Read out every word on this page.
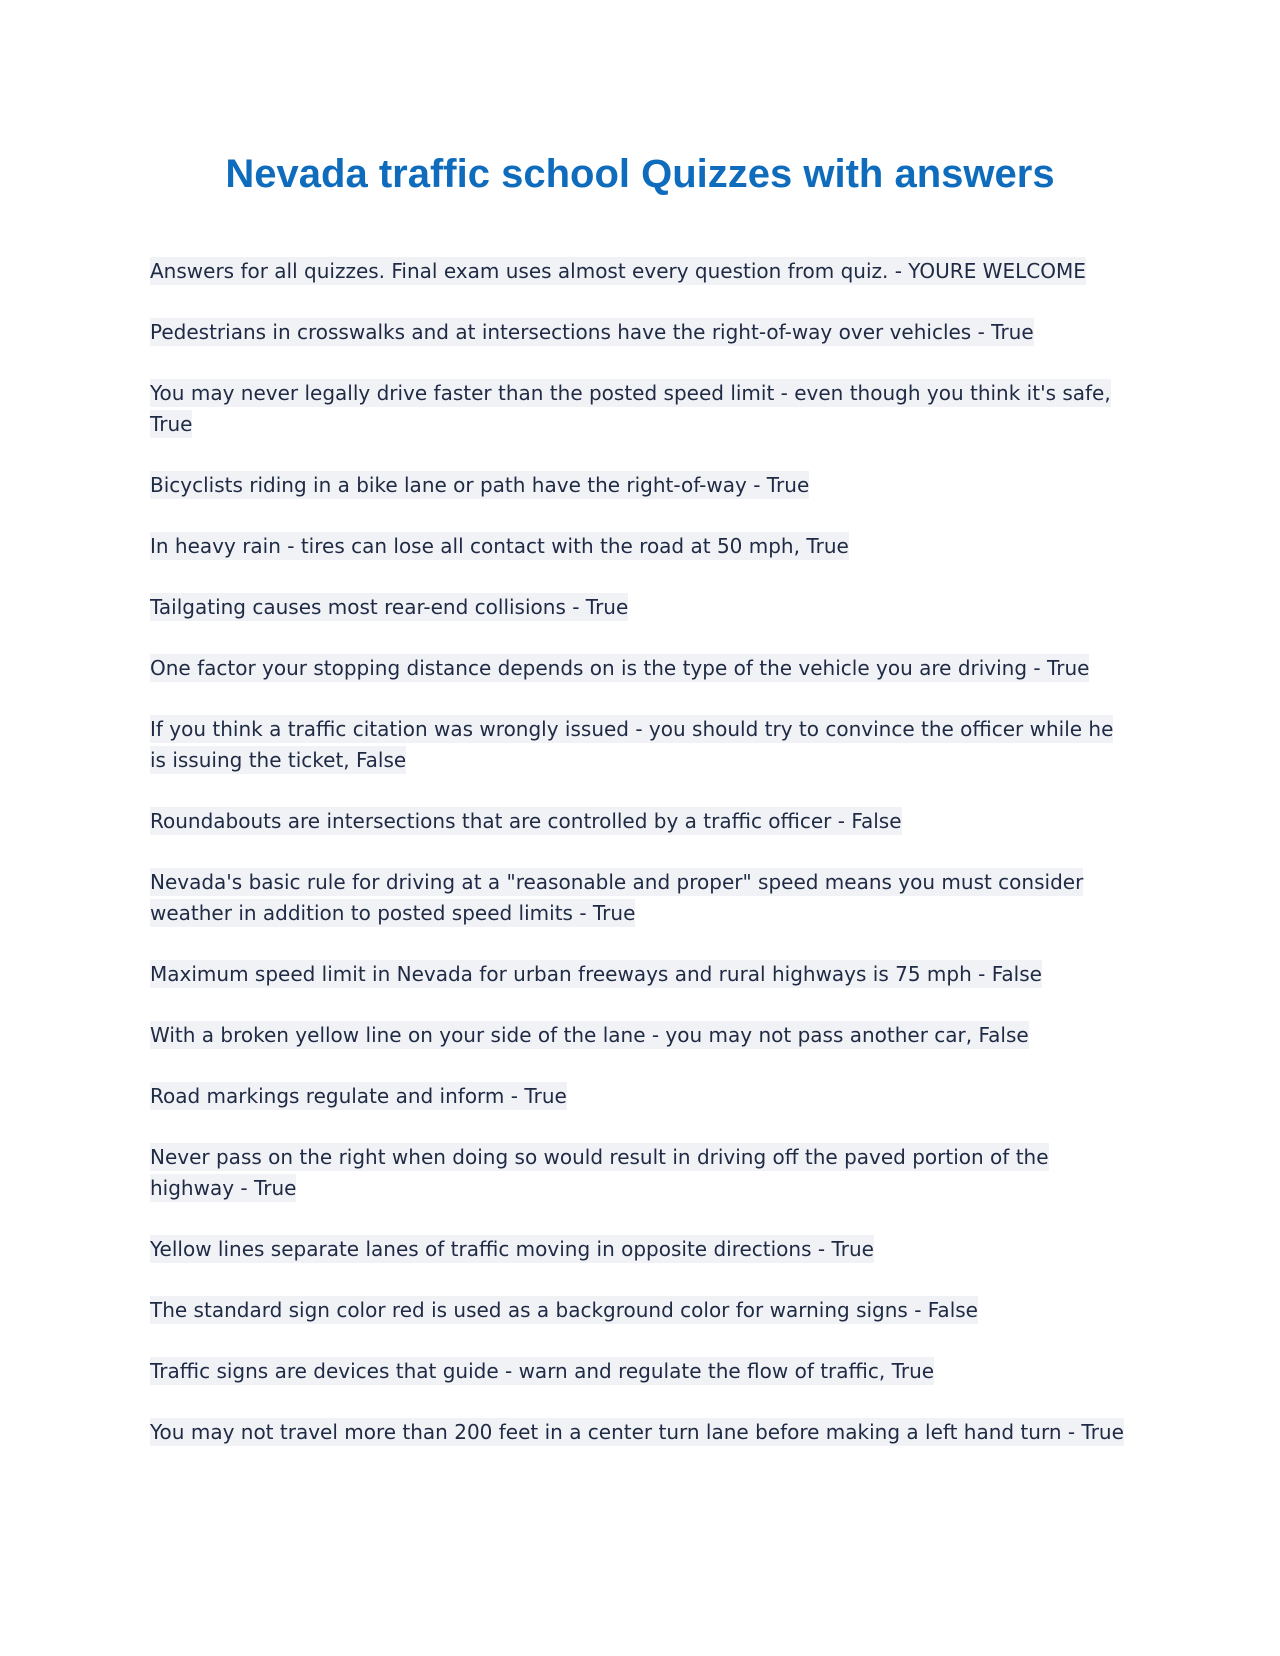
Nevada traffic school Quizzes with answers

Answers for all quizzes. Final exam uses almost every question from quiz. - YOURE WELCOME

Pedestrians in crosswalks and at intersections have the right-of-way over vehicles - True

You may never legally drive faster than the posted speed limit - even though you think it's safe, True

Bicyclists riding in a bike lane or path have the right-of-way - True

In heavy rain - tires can lose all contact with the road at 50 mph, True

Tailgating causes most rear-end collisions - True

One factor your stopping distance depends on is the type of the vehicle you are driving - True

If you think a traffic citation was wrongly issued - you should try to convince the officer while he is issuing the ticket, False

Roundabouts are intersections that are controlled by a traffic officer - False

Nevada's basic rule for driving at a "reasonable and proper" speed means you must consider weather in addition to posted speed limits - True

Maximum speed limit in Nevada for urban freeways and rural highways is 75 mph - False

With a broken yellow line on your side of the lane - you may not pass another car, False

Road markings regulate and inform - True

Never pass on the right when doing so would result in driving off the paved portion of the highway - True

Yellow lines separate lanes of traffic moving in opposite directions - True

The standard sign color red is used as a background color for warning signs - False

Traffic signs are devices that guide - warn and regulate the flow of traffic, True

You may not travel more than 200 feet in a center turn lane before making a left hand turn - True
